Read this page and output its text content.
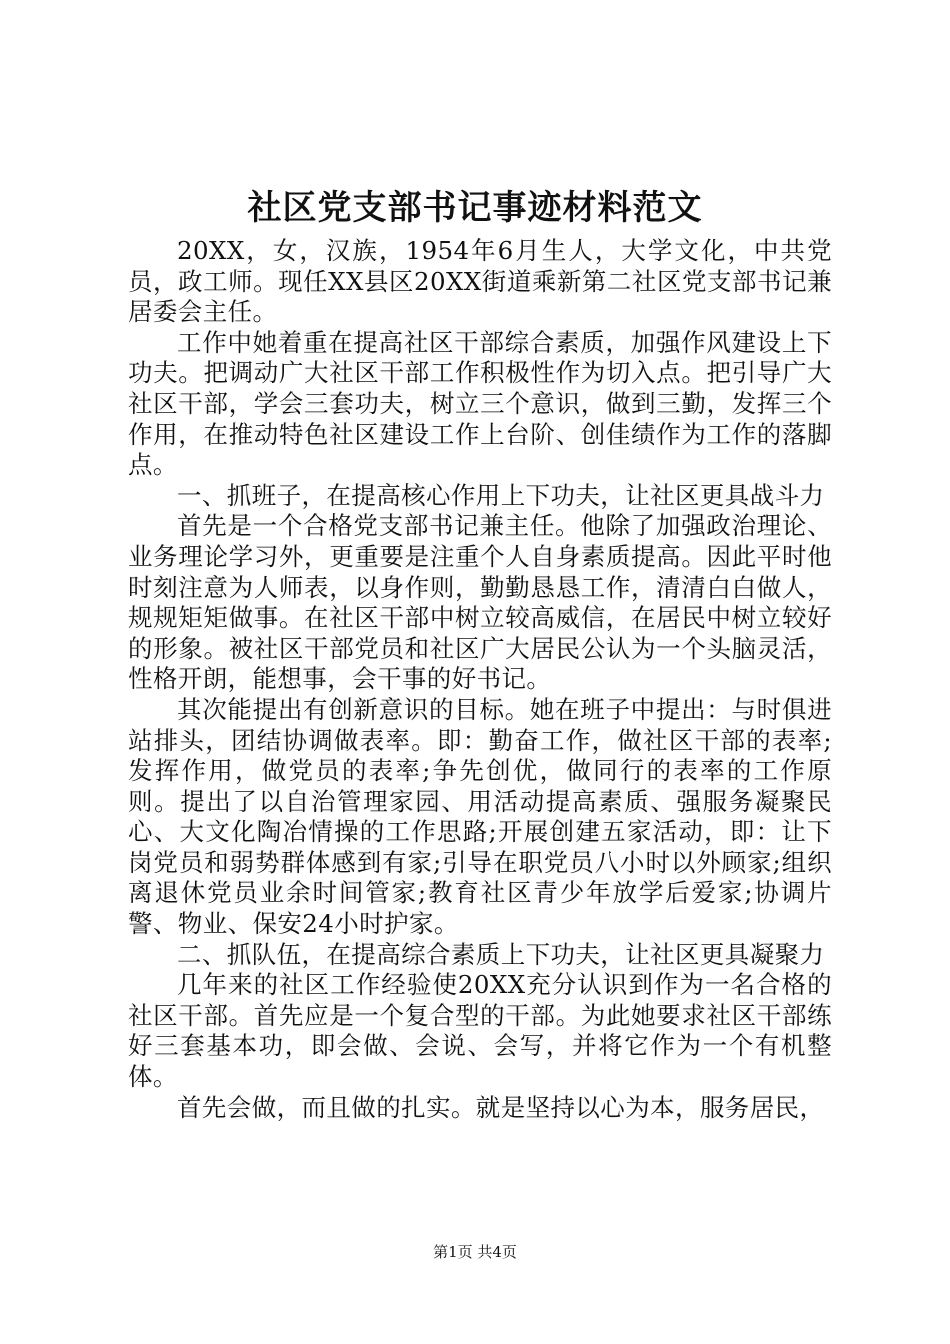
社区党支部书记事迹材料范文

20XX，女，汉族，1954年6月生人，大学文化，中共党员，政工师。现任XX县区20XX街道乘新第二社区党支部书记兼居委会主任。

工作中她着重在提高社区干部综合素质，加强作风建设上下功夫。把调动广大社区干部工作积极性作为切入点。把引导广大社区干部，学会三套功夫，树立三个意识，做到三勤，发挥三个作用，在推动特色社区建设工作上台阶、创佳绩作为工作的落脚点。

一、抓班子，在提高核心作用上下功夫，让社区更具战斗力

首先是一个合格党支部书记兼主任。他除了加强政治理论、业务理论学习外，更重要是注重个人自身素质提高。因此平时他时刻注意为人师表，以身作则，勤勤恳恳工作，清清白白做人，规规矩矩做事。在社区干部中树立较高威信，在居民中树立较好的形象。被社区干部党员和社区广大居民公认为一个头脑灵活，性格开朗，能想事，会干事的好书记。

其次能提出有创新意识的目标。她在班子中提出：与时俱进站排头，团结协调做表率。即：勤奋工作，做社区干部的表率;发挥作用，做党员的表率;争先创优，做同行的表率的工作原则。提出了以自治管理家园、用活动提高素质、强服务凝聚民心、大文化陶冶情操的工作思路;开展创建五家活动，即：让下岗党员和弱势群体感到有家;引导在职党员八小时以外顾家;组织离退休党员业余时间管家;教育社区青少年放学后爱家;协调片警、物业、保安24小时护家。

二、抓队伍，在提高综合素质上下功夫，让社区更具凝聚力

几年来的社区工作经验使20XX充分认识到作为一名合格的社区干部。首先应是一个复合型的干部。为此她要求社区干部练好三套基本功，即会做、会说、会写，并将它作为一个有机整体。

首先会做，而且做的扎实。就是坚持以心为本，服务居民，

第1页 共4页
